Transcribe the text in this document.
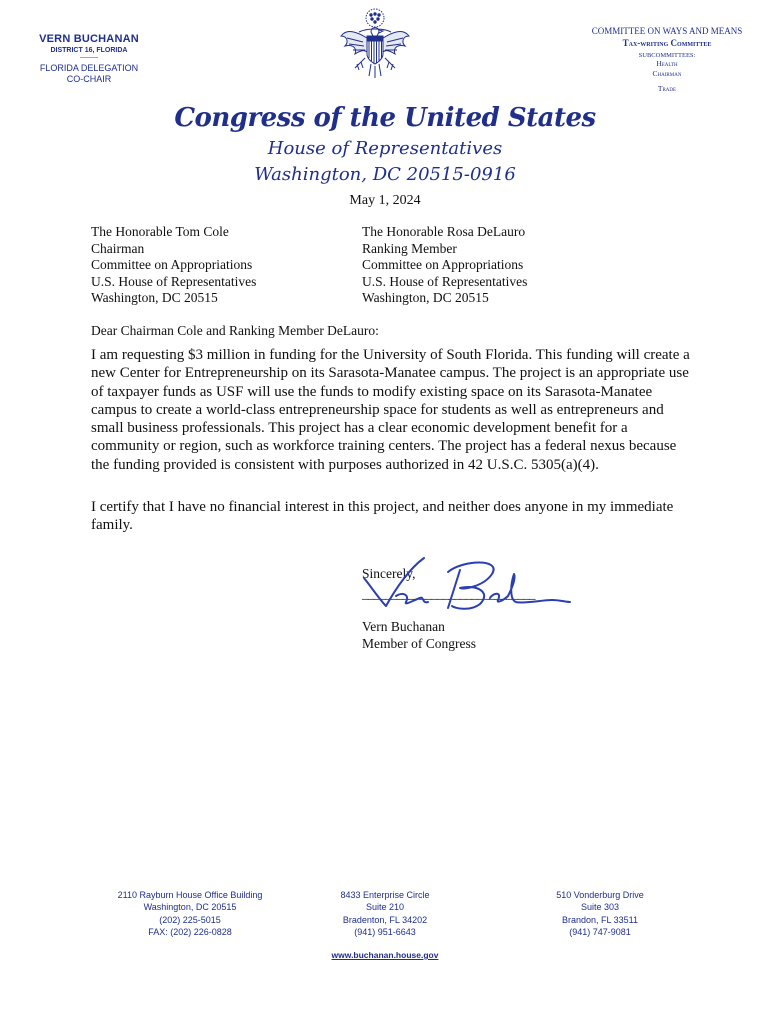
VERN BUCHANAN
DISTRICT 16, FLORIDA
———
FLORIDA DELEGATION
CO-CHAIR
COMMITTEE ON WAYS AND MEANS
Tax-writing Committee
SUBCOMMITTEES:
Health
Chairman
Trade
Congress of the United States
House of Representatives
Washington, DC 20515-0916
May 1, 2024
The Honorable Tom Cole
Chairman
Committee on Appropriations
U.S. House of Representatives
Washington, DC 20515
The Honorable Rosa DeLauro
Ranking Member
Committee on Appropriations
U.S. House of Representatives
Washington, DC 20515
Dear Chairman Cole and Ranking Member DeLauro:
I am requesting $3 million in funding for the University of South Florida. This funding will create a new Center for Entrepreneurship on its Sarasota-Manatee campus. The project is an appropriate use of taxpayer funds as USF will use the funds to modify existing space on its Sarasota-Manatee campus to create a world-class entrepreneurship space for students as well as entrepreneurs and small business professionals. This project has a clear economic development benefit for a community or region, such as workforce training centers. The project has a federal nexus because the funding provided is consistent with purposes authorized in 42 U.S.C. 5305(a)(4).
I certify that I have no financial interest in this project, and neither does anyone in my immediate family.
Sincerely,
______________________________
Vern Buchanan
Member of Congress
2110 Rayburn House Office Building
Washington, DC 20515
(202) 225-5015
FAX: (202) 226-0828
8433 Enterprise Circle
Suite 210
Bradenton, FL 34202
(941) 951-6643
510 Vonderburg Drive
Suite 303
Brandon, FL 33511
(941) 747-9081
www.buchanan.house.gov
